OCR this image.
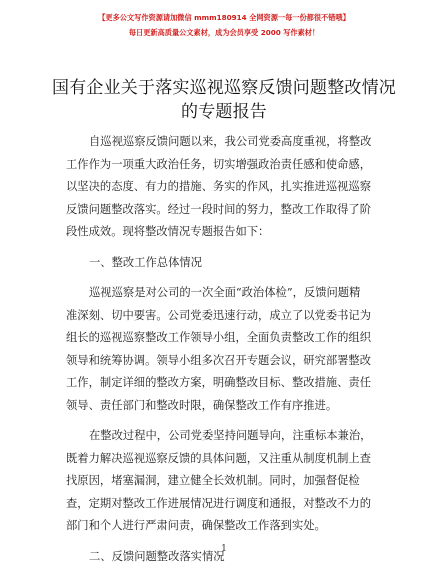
【更多公文写作资源请加微信 mmm180914 全网资源一每一份都很不错哦】
每日更新高质量公文素材，成为会员享受 2000 写作素材！
国有企业关于落实巡视巡察反馈问题整改情况
的专题报告
自巡视巡察反馈问题以来，我公司党委高度重视，将整改
工作作为一项重大政治任务，切实增强政治责任感和使命感，
以坚决的态度、有力的措施、务实的作风，扎实推进巡视巡察
反馈问题整改落实。经过一段时间的努力，整改工作取得了阶
段性成效。现将整改情况专题报告如下：
一、整改工作总体情况
巡视巡察是对公司的一次全面“政治体检”，反馈问题精
准深刻、切中要害。公司党委迅速行动，成立了以党委书记为
组长的巡视巡察整改工作领导小组，全面负责整改工作的组织
领导和统筹协调。领导小组多次召开专题会议，研究部署整改
工作，制定详细的整改方案，明确整改目标、整改措施、责任
领导、责任部门和整改时限，确保整改工作有序推进。
在整改过程中，公司党委坚持问题导向，注重标本兼治，
既着力解决巡视巡察反馈的具体问题，又注重从制度机制上查
找原因，堵塞漏洞，建立健全长效机制。同时，加强督促检
查，定期对整改工作进展情况进行调度和通报，对整改不力的
部门和个人进行严肃问责，确保整改工作落到实处。
二、反馈问题整改落实情况
1
